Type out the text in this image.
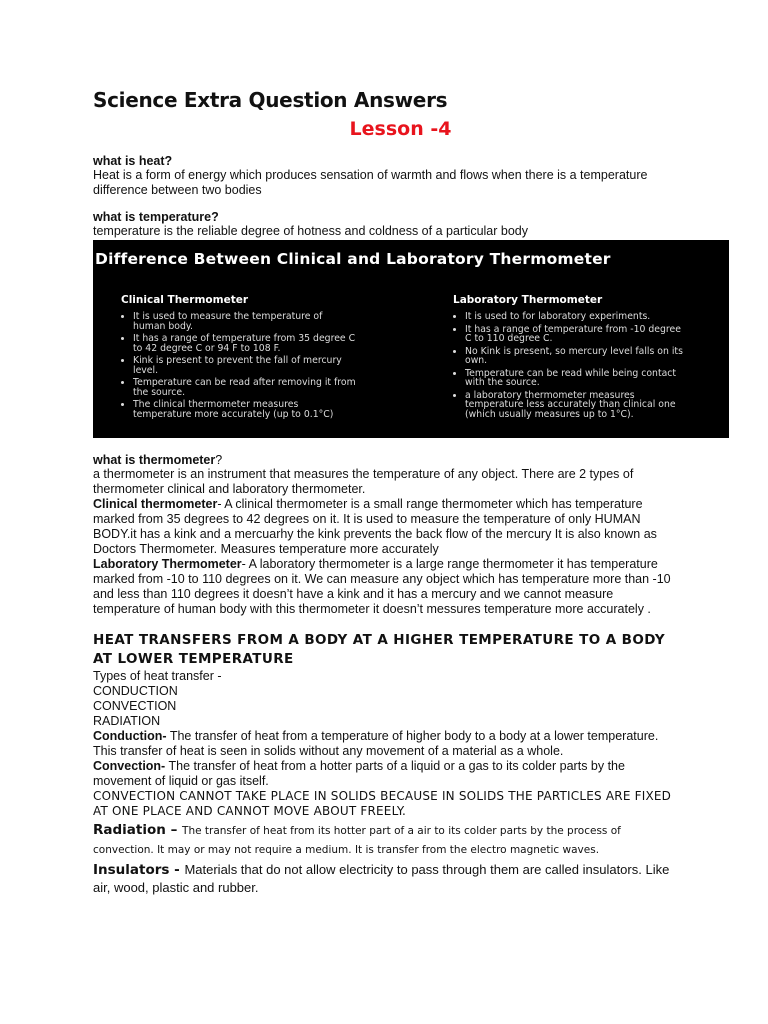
Science Extra Question Answers
Lesson -4
what is heat?

Heat is a form of energy which produces sensation of warmth and flows when there is a temperature difference between two bodies

what is temperature?

temperature is the reliable degree of hotness and coldness of a particular body

Difference Between Clinical and Laboratory Thermometer
Clinical Thermometer
• It is used to measure the temperature of human body.
• It has a range of temperature from 35 degree C to 42 degree C or 94 F to 108 F.
• Kink is present to prevent the fall of mercury level.
• Temperature can be read after removing it from the source.
• The clinical thermometer measures temperature more accurately (up to 0.1°C)
Laboratory Thermometer
• It is used to for laboratory experiments.
• It has a range of temperature from -10 degree C to 110 degree C.
• No Kink is present, so mercury level falls on its own.
• Temperature can be read while being contact with the source.
• a laboratory thermometer measures temperature less accurately than clinical one (which usually measures up to 1°C).
what is thermometer?

a thermometer is an instrument that measures the temperature of any object. There are 2 types of thermometer clinical and laboratory thermometer.

Clinical thermometer- A clinical thermometer is a small range thermometer which has temperature marked from 35 degrees to 42 degrees on it. It is used to measure the temperature of only HUMAN BODY.it has a kink and a mercuarhy the kink prevents the back flow of the mercury It is also known as Doctors Thermometer. Measures temperature more accurately

Laboratory Thermometer- A laboratory thermometer is a large range thermometer it has temperature marked from -10 to 110 degrees on it. We can measure any object which has temperature more than -10 and less than 110 degrees it doesn’t have a kink and it has a mercury and we cannot measure temperature of human body with this thermometer it doesn’t messures temperature more accurately .

HEAT TRANSFERS FROM A BODY AT A HIGHER TEMPERATURE TO A BODY AT LOWER TEMPERATURE

Types of heat transfer -

CONDUCTION

CONVECTION

RADIATION

Conduction- The transfer of heat from a temperature of higher body to a body at a lower temperature. This transfer of heat is seen in solids without any movement of a material as a whole.

Convection- The transfer of heat from a hotter parts of a liquid or a gas to its colder parts by the movement of liquid or gas itself.

CONVECTION CANNOT TAKE PLACE IN SOLIDS BECAUSE IN SOLIDS THE PARTICLES ARE FIXED AT ONE PLACE AND CANNOT MOVE ABOUT FREELY.

Radiation – The transfer of heat from its hotter part of a air to its colder parts by the process of convection. It may or may not require a medium. It is transfer from the electro magnetic waves.

Insulators - Materials that do not allow electricity to pass through them are called insulators. Like air, wood, plastic and rubber.
